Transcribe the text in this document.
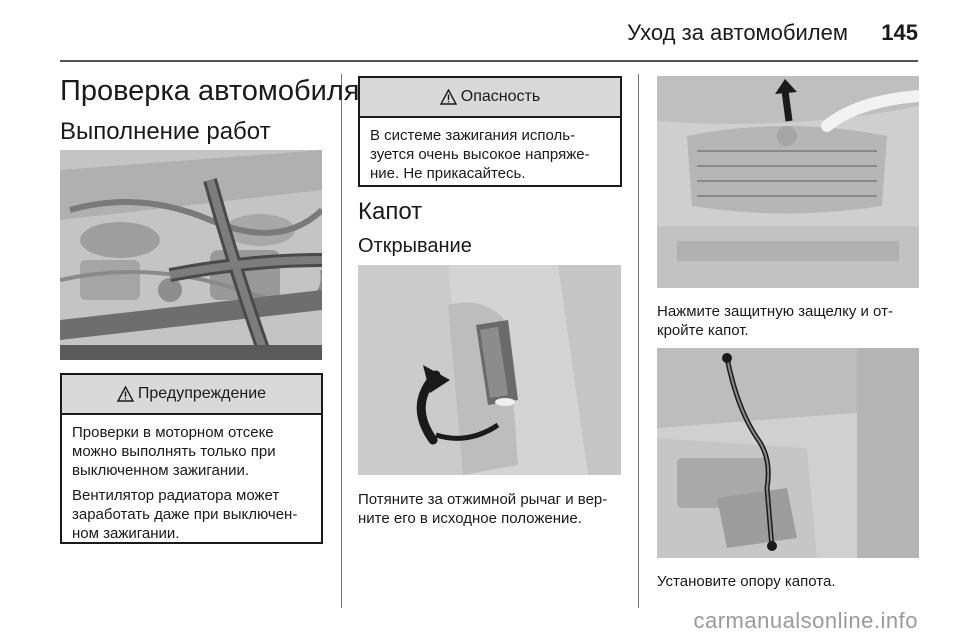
Уход за автомобилем 145
Проверка автомобиля
Выполнение работ
Предупреждение

Проверки в моторном отсеке можно выполнять только при выключенном зажигании.

Вентилятор радиатора может заработать даже при выключен-ном зажигании.

Опасность

В системе зажигания исполь-зуется очень высокое напряже-ние. Не прикасайтесь.

Капот
Открывание
Потяните за отжимной рычаг и вер-ните его в исходное положение.
Нажмите защитную защелку и от-кройте капот.
Установите опору капота.
carmanualsonline.info
